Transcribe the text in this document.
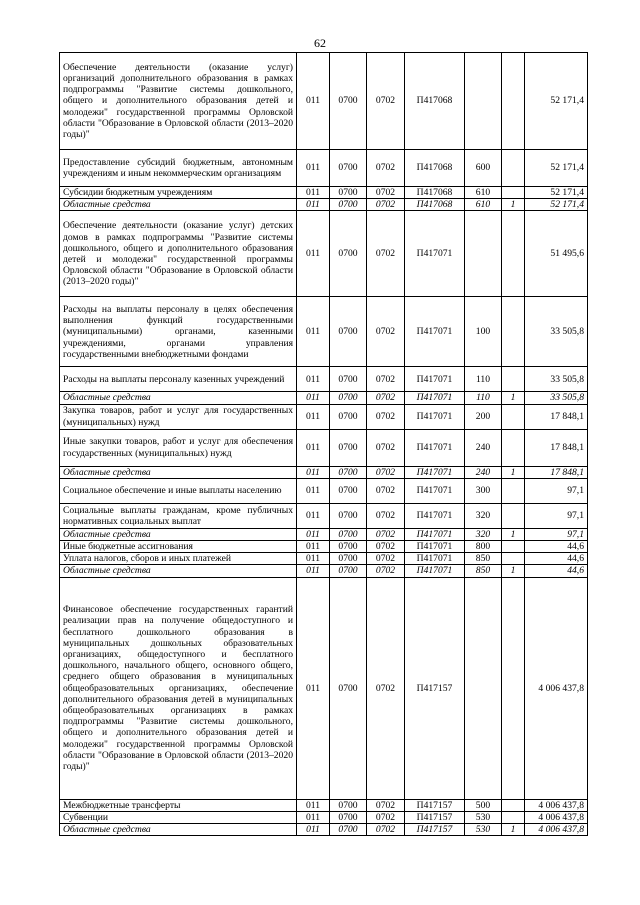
62
Обеспечение деятельности (оказание услуг) организаций дополнительного образования в рамках подпрограммы "Развитие системы дошкольного, общего и дополнительного образования детей и молодежи" государственной программы Орловской области "Образование в Орловской области (2013–2020 годы)"	011	0700	0702	П417068			52 171,4
Предоставление субсидий бюджетным, автономным учреждениям и иным некоммерческим организациям	011	0700	0702	П417068	600		52 171,4
Субсидии бюджетным учреждениям	011	0700	0702	П417068	610		52 171,4
Областные средства	011	0700	0702	П417068	610	1	52 171,4
Обеспечение деятельности (оказание услуг) детских домов в рамках подпрограммы "Развитие системы дошкольного, общего и дополнительного образования детей и молодежи" государственной программы Орловской области "Образование в Орловской области (2013–2020 годы)"	011	0700	0702	П417071			51 495,6
Расходы на выплаты персоналу в целях обеспечения выполнения функций государственными (муниципальными) органами, казенными учреждениями, органами управления государственными внебюджетными фондами	011	0700	0702	П417071	100		33 505,8
Расходы на выплаты персоналу казенных учреждений	011	0700	0702	П417071	110		33 505,8
Областные средства	011	0700	0702	П417071	110	1	33 505,8
Закупка товаров, работ и услуг для государственных (муниципальных) нужд	011	0700	0702	П417071	200		17 848,1
Иные закупки товаров, работ и услуг для обеспечения государственных (муниципальных) нужд	011	0700	0702	П417071	240		17 848,1
Областные средства	011	0700	0702	П417071	240	1	17 848,1
Социальное обеспечение и иные выплаты населению	011	0700	0702	П417071	300		97,1
Социальные выплаты гражданам, кроме публичных нормативных социальных выплат	011	0700	0702	П417071	320		97,1
Областные средства	011	0700	0702	П417071	320	1	97,1
Иные бюджетные ассигнования	011	0700	0702	П417071	800		44,6
Уплата налогов, сборов и иных платежей	011	0700	0702	П417071	850		44,6
Областные средства	011	0700	0702	П417071	850	1	44,6
Финансовое обеспечение государственных гарантий реализации прав на получение общедоступного и бесплатного дошкольного образования в муниципальных дошкольных образовательных организациях, общедоступного и бесплатного дошкольного, начального общего, основного общего, среднего общего образования в муниципальных общеобразовательных организациях, обеспечение дополнительного образования детей в муниципальных общеобразовательных организациях в рамках подпрограммы "Развитие системы дошкольного, общего и дополнительного образования детей и молодежи" государственной программы Орловской области "Образование в Орловской области (2013–2020 годы)"	011	0700	0702	П417157			4 006 437,8
Межбюджетные трансферты	011	0700	0702	П417157	500		4 006 437,8
Субвенции	011	0700	0702	П417157	530		4 006 437,8
Областные средства	011	0700	0702	П417157	530	1	4 006 437,8
